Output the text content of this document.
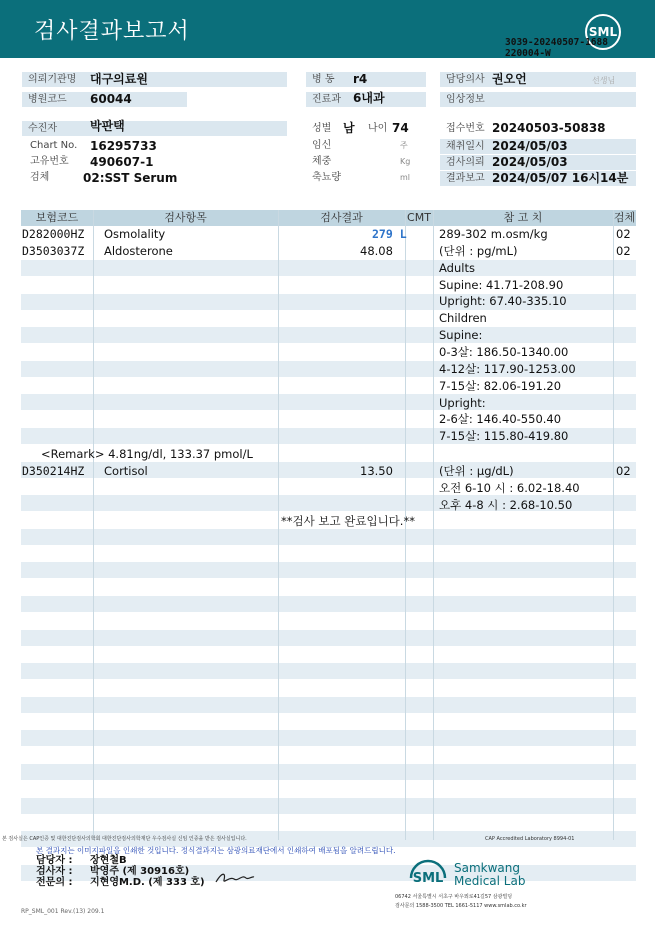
검사결과보고서	SML
3039-20240507-1688
220004-W
의뢰기관명	대구의료원
병원코드	60044
병 동	r4
진료과	6내과
담당의사 권오언	선생님
임상정보
수진자	박판택
Chart No. 16295733
고유번호 490607-1
검체	02:SST Serum
성별 남 나이 74
임신	주
체중	Kg
축뇨량	ml
접수번호 20240503-50838
채취일시 2024/05/03
검사의뢰 2024/05/03
결과보고 2024/05/07 16시14분
보험코드	검사항목	검사결과	CMT	참 고 치	검체
D282000HZ Osmolality	279 L	289-302 m.osm/kg	02
D3503037Z Aldosterone	48.08	(단위 : pg/mL)	02
Adults
Supine: 41.71-208.90
Upright: 67.40-335.10
Children
Supine:
0-3살: 186.50-1340.00
4-12살: 117.90-1253.00
7-15살: 82.06-191.20
Upright:
2-6살: 146.40-550.40
7-15살: 115.80-419.80
<Remark> 4.81ng/dl, 133.37 pmol/L
D350214HZ Cortisol	13.50	(단위 : μg/dL)	02
오전 6-10 시 : 6.02-18.40
오후 4-8 시 : 2.68-10.50
**검사 보고 완료입니다.**
본 검사실은 CAP인증 및 대한진단검사의학회 대한진단검사의학재단 우수검사실 신임 인증을 받은 검사실입니다.	CAP Accredited Laboratory 8994-01
본 결과지는 이미지파일을 인쇄한 것입니다. 정식결과지는 삼광의료재단에서 인쇄하여 배포됨을 알려드립니다.
담당자 : 장현철B
검사자 : 박영주 (제 30916호)
전문의 : 지현영M.D. (제 333 호)	SML
Samkwang
Medical Lab
06742 서울특별시 서초구 바우뫼로41길57 삼광빌딩
검사문의 1588-3500 TEL 1661-5117 www.smlab.co.kr
RP_SML_001 Rev.(13) 209.1
